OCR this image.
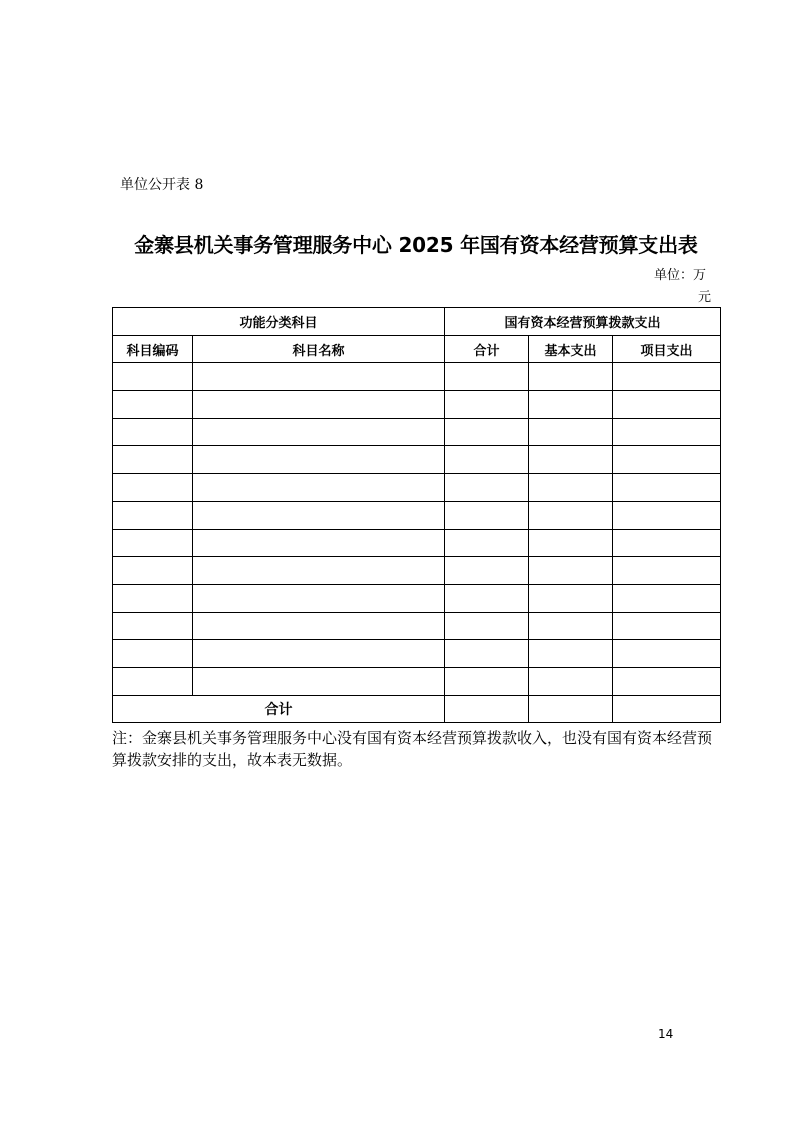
单位公开表 8
金寨县机关事务管理服务中心 2025 年国有资本经营预算支出表
单位：万
元
功能分类科目		国有资本经营预算拨款支出		
科目编码	科目名称	合计	基本支出	项目支出

合计				
注：金寨县机关事务管理服务中心没有国有资本经营预算拨款收入，也没有国有资本经营预算拨款安排的支出，故本表无数据。
14
